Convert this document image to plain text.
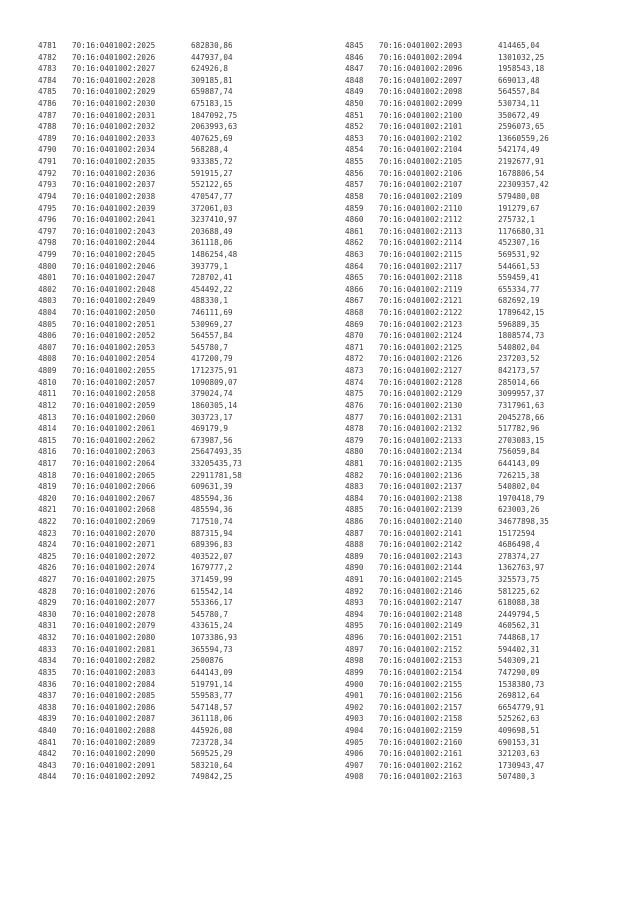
4781 70:16:0401002:2025	682830,86
4782 70:16:0401002:2026	447937,04
4783 70:16:0401002:2027	624926,8
4784 70:16:0401002:2028	309185,81
4785 70:16:0401002:2029	659887,74
4786 70:16:0401002:2030	675183,15
4787 70:16:0401002:2031	1847092,75
4788 70:16:0401002:2032	2063993,63
4789 70:16:0401002:2033	407625,69
4790 70:16:0401002:2034	568288,4
4791 70:16:0401002:2035	933385,72
4792 70:16:0401002:2036	591915,27
4793 70:16:0401002:2037	552122,65
4794 70:16:0401002:2038	470547,77
4795 70:16:0401002:2039	372061,03
4796 70:16:0401002:2041	3237410,97
4797 70:16:0401002:2043	203688,49
4798 70:16:0401002:2044	361118,06
4799 70:16:0401002:2045	1486254,48
4800 70:16:0401002:2046	393779,1
4801 70:16:0401002:2047	728702,41
4802 70:16:0401002:2048	454492,22
4803 70:16:0401002:2049	488330,1
4804 70:16:0401002:2050	746111,69
4805 70:16:0401002:2051	530969,27
4806 70:16:0401002:2052	564557,84
4807 70:16:0401002:2053	545780,7
4808 70:16:0401002:2054	417200,79
4809 70:16:0401002:2055	1712375,91
4810 70:16:0401002:2057	1090809,07
4811 70:16:0401002:2058	379024,74
4812 70:16:0401002:2059	1860305,14
4813 70:16:0401002:2060	303723,17
4814 70:16:0401002:2061	469179,9
4815 70:16:0401002:2062	673987,56
4816 70:16:0401002:2063	25647493,35
4817 70:16:0401002:2064	33205435,73
4818 70:16:0401002:2065	22911781,58
4819 70:16:0401002:2066	609631,39
4820 70:16:0401002:2067	485594,36
4821 70:16:0401002:2068	485594,36
4822 70:16:0401002:2069	717510,74
4823 70:16:0401002:2070	887315,94
4824 70:16:0401002:2071	689396,83
4825 70:16:0401002:2072	403522,07
4826 70:16:0401002:2074	1679777,2
4827 70:16:0401002:2075	371459,99
4828 70:16:0401002:2076	615542,14
4829 70:16:0401002:2077	553366,17
4830 70:16:0401002:2078	545780,7
4831 70:16:0401002:2079	433615,24
4832 70:16:0401002:2080	1073386,93
4833 70:16:0401002:2081	365594,73
4834 70:16:0401002:2082	2500876
4835 70:16:0401002:2083	644143,09
4836 70:16:0401002:2084	519791,14
4837 70:16:0401002:2085	559583,77
4838 70:16:0401002:2086	547148,57
4839 70:16:0401002:2087	361118,06
4840 70:16:0401002:2088	445926,08
4841 70:16:0401002:2089	723728,34
4842 70:16:0401002:2090	569525,29
4843 70:16:0401002:2091	583210,64
4844 70:16:0401002:2092	749842,25
4845 70:16:0401002:2093	414465,04
4846 70:16:0401002:2094	1301032,25
4847 70:16:0401002:2096	1958543,18
4848 70:16:0401002:2097	669013,48
4849 70:16:0401002:2098	564557,84
4850 70:16:0401002:2099	530734,11
4851 70:16:0401002:2100	350672,49
4852 70:16:0401002:2101	2596073,65
4853 70:16:0401002:2102	13660559,26
4854 70:16:0401002:2104	542174,49
4855 70:16:0401002:2105	2192677,91
4856 70:16:0401002:2106	1678806,54
4857 70:16:0401002:2107	22309357,42
4858 70:16:0401002:2109	579480,08
4859 70:16:0401002:2110	191279,67
4860 70:16:0401002:2112	275732,1
4861 70:16:0401002:2113	1176680,31
4862 70:16:0401002:2114	452307,16
4863 70:16:0401002:2115	569531,92
4864 70:16:0401002:2117	544661,53
4865 70:16:0401002:2118	559459,41
4866 70:16:0401002:2119	655334,77
4867 70:16:0401002:2121	682692,19
4868 70:16:0401002:2122	1789642,15
4869 70:16:0401002:2123	596889,35
4870 70:16:0401002:2124	1808574,73
4871 70:16:0401002:2125	540802,04
4872 70:16:0401002:2126	237203,52
4873 70:16:0401002:2127	842173,57
4874 70:16:0401002:2128	285014,66
4875 70:16:0401002:2129	3099957,37
4876 70:16:0401002:2130	7317961,63
4877 70:16:0401002:2131	2045278,66
4878 70:16:0401002:2132	517782,96
4879 70:16:0401002:2133	2703083,15
4880 70:16:0401002:2134	756059,84
4881 70:16:0401002:2135	644143,09
4882 70:16:0401002:2136	726215,38
4883 70:16:0401002:2137	540802,04
4884 70:16:0401002:2138	1970418,79
4885 70:16:0401002:2139	623003,26
4886 70:16:0401002:2140	34677898,35
4887 70:16:0401002:2141	15172594
4888 70:16:0401002:2142	4686498,4
4889 70:16:0401002:2143	278374,27
4890 70:16:0401002:2144	1362763,97
4891 70:16:0401002:2145	325573,75
4892 70:16:0401002:2146	581225,62
4893 70:16:0401002:2147	618088,38
4894 70:16:0401002:2148	2449794,5
4895 70:16:0401002:2149	460562,31
4896 70:16:0401002:2151	744868,17
4897 70:16:0401002:2152	594402,31
4898 70:16:0401002:2153	540309,21
4899 70:16:0401002:2154	747290,09
4900 70:16:0401002:2155	1538380,73
4901 70:16:0401002:2156	269812,64
4902 70:16:0401002:2157	6654779,91
4903 70:16:0401002:2158	525262,63
4904 70:16:0401002:2159	409698,51
4905 70:16:0401002:2160	690153,31
4906 70:16:0401002:2161	321203,63
4907 70:16:0401002:2162	1730943,47
4908 70:16:0401002:2163	507480,3
